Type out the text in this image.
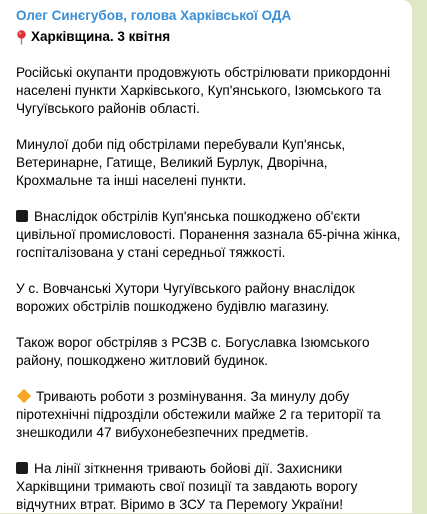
Олег Синєгубов, голова Харківської ОДА
Харківщина. 3 квітня
Російські окупанти продовжують обстрілювати прикордонні населені пункти Харківського, Куп'янського, Ізюмського та Чугуївського районів області.
Минулої доби під обстрілами перебували Куп'янськ, Ветеринарне, Гатище, Великий Бурлук, Дворічна, Крохмальне та інші населені пункти.
Внаслідок обстрілів Куп'янська пошкоджено об'єкти цивільної промисловості. Поранення зазнала 65-річна жінка, госпіталізована у стані середньої тяжкості.
У с. Вовчанські Хутори Чугуївського району внаслідок ворожих обстрілів пошкоджено будівлю магазину.
Також ворог обстріляв з РСЗВ с. Богуславка Ізюмського району, пошкоджено житловий будинок.
Тривають роботи з розмінування. За минулу добу піротехнічні підрозділи обстежили майже 2 га території та знешкодили 47 вибухонебезпечних предметів.
На лінії зіткнення тривають бойові дії. Захисники Харківщини тримають свої позиції та завдають ворогу відчутних втрат. Віримо в ЗСУ та Перемогу України!
